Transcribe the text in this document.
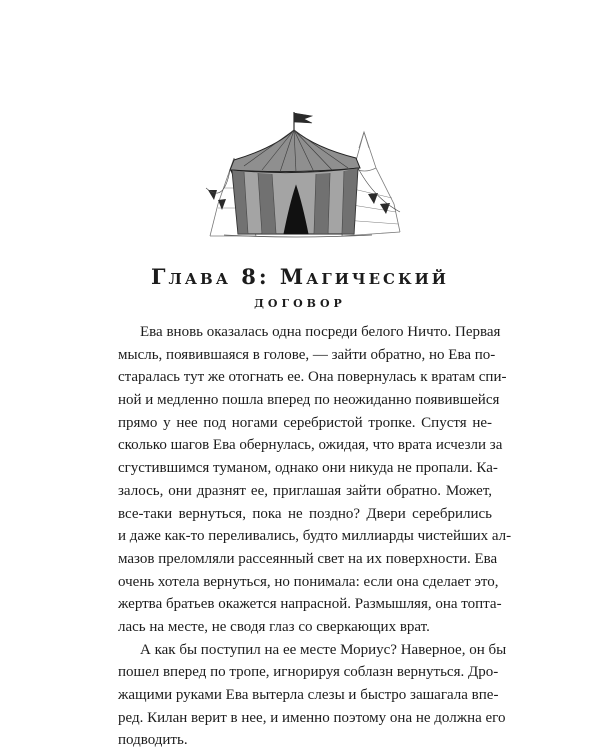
Глава 8: Магический
договор
Ева вновь оказалась одна посреди белого Ничто. Первая
мысль, появившаяся в голове, — зайти обратно, но Ева по-
старалась тут же отогнать ее. Она повернулась к вратам спи-
ной и медленно пошла вперед по неожиданно появившейся
прямо у нее под ногами серебристой тропке. Спустя не-
сколько шагов Ева обернулась, ожидая, что врата исчезли за
сгустившимся туманом, однако они никуда не пропали. Ка-
залось, они дразнят ее, приглашая зайти обратно. Может,
все-таки вернуться, пока не поздно? Двери серебрились
и даже как-то переливались, будто миллиарды чистейших ал-
мазов преломляли рассеянный свет на их поверхности. Ева
очень хотела вернуться, но понимала: если она сделает это,
жертва братьев окажется напрасной. Размышляя, она топта-
лась на месте, не сводя глаз со сверкающих врат.
А как бы поступил на ее месте Мориус? Наверное, он бы
пошел вперед по тропе, игнорируя соблазн вернуться. Дро-
жащими руками Ева вытерла слезы и быстро зашагала впе-
ред. Килан верит в нее, и именно поэтому она не должна его
подводить.
